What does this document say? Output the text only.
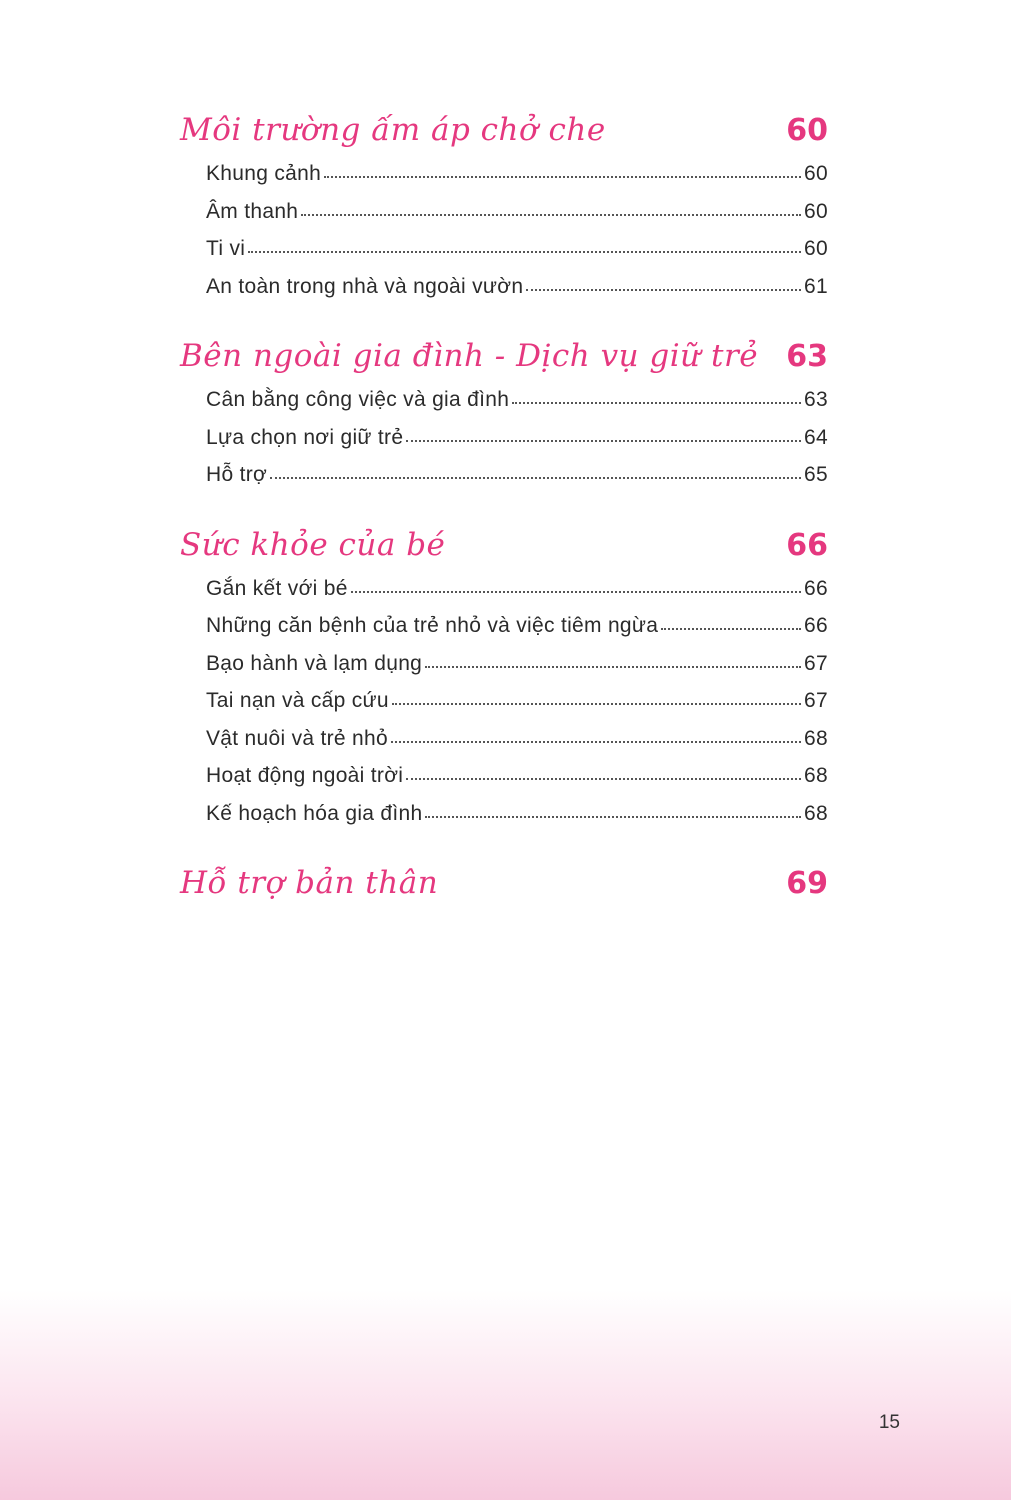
Môi trường ấm áp chở che	60
Khung cảnh	60
Âm thanh	60
Ti vi	60
An toàn trong nhà và ngoài vườn	61
Bên ngoài gia đình - Dịch vụ giữ trẻ 63
Cân bằng công việc và gia đình	63
Lựa chọn nơi giữ trẻ	64
Hỗ trợ	65
Sức khỏe của bé	66
Gắn kết với bé	66
Những căn bệnh của trẻ nhỏ và việc tiêm ngừa	66
Bạo hành và lạm dụng	67
Tai nạn và cấp cứu	67
Vật nuôi và trẻ nhỏ	68
Hoạt động ngoài trời	68
Kế hoạch hóa gia đình	68
Hỗ trợ bản thân	69
15
